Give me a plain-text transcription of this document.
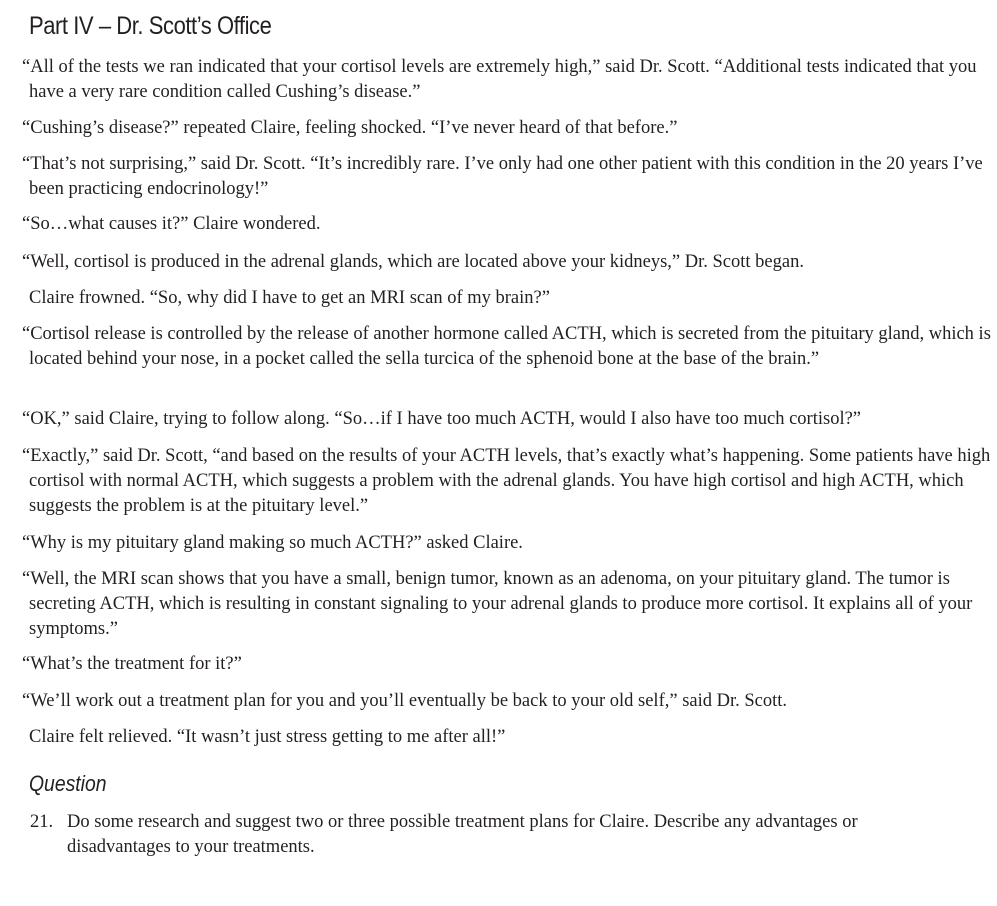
Part IV – Dr. Scott’s Office

“All of the tests we ran indicated that your cortisol levels are extremely high,” said Dr. Scott. “Additional tests indicated that you have a very rare condition called Cushing’s disease.”

“Cushing’s disease?” repeated Claire, feeling shocked. “I’ve never heard of that before.”

“That’s not surprising,” said Dr. Scott. “It’s incredibly rare. I’ve only had one other patient with this condition in the 20 years I’ve been practicing endocrinology!”

“So…what causes it?” Claire wondered.

“Well, cortisol is produced in the adrenal glands, which are located above your kidneys,” Dr. Scott began.

Claire frowned. “So, why did I have to get an MRI scan of my brain?”

“Cortisol release is controlled by the release of another hormone called ACTH, which is secreted from the pituitary gland, which is located behind your nose, in a pocket called the sella turcica of the sphenoid bone at the base of the brain.”

“OK,” said Claire, trying to follow along. “So…if I have too much ACTH, would I also have too much cortisol?”

“Exactly,” said Dr. Scott, “and based on the results of your ACTH levels, that’s exactly what’s happening. Some patients have high cortisol with normal ACTH, which suggests a problem with the adrenal glands. You have high cortisol and high ACTH, which suggests the problem is at the pituitary level.”

“Why is my pituitary gland making so much ACTH?” asked Claire.

“Well, the MRI scan shows that you have a small, benign tumor, known as an adenoma, on your pituitary gland. The tumor is secreting ACTH, which is resulting in constant signaling to your adrenal glands to produce more cortisol. It explains all of your symptoms.”

“What’s the treatment for it?”

“We’ll work out a treatment plan for you and you’ll eventually be back to your old self,” said Dr. Scott.

Claire felt relieved. “It wasn’t just stress getting to me after all!”

Question
21. Do some research and suggest two or three possible treatment plans for Claire. Describe any advantages or disadvantages to your treatments.
